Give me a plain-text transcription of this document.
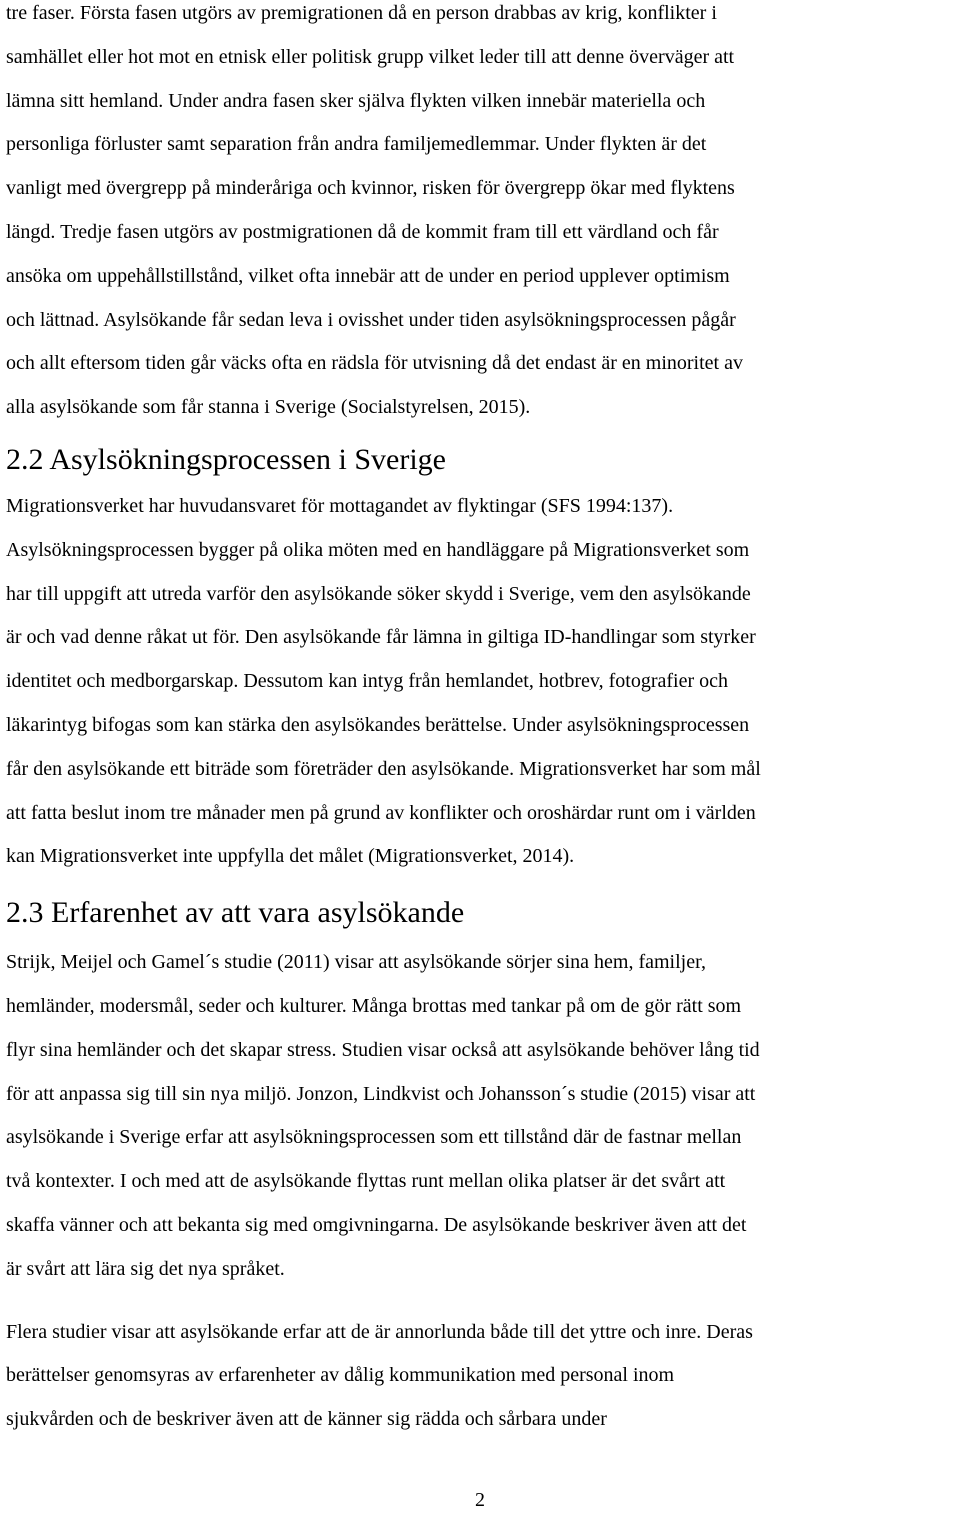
tre faser. Första fasen utgörs av premigrationen då en person drabbas av krig, konflikter i
samhället eller hot mot en etnisk eller politisk grupp vilket leder till att denne överväger att
lämna sitt hemland. Under andra fasen sker själva flykten vilken innebär materiella och
personliga förluster samt separation från andra familjemedlemmar. Under flykten är det
vanligt med övergrepp på minderåriga och kvinnor, risken för övergrepp ökar med flyktens
längd. Tredje fasen utgörs av postmigrationen då de kommit fram till ett värdland och får
ansöka om uppehållstillstånd, vilket ofta innebär att de under en period upplever optimism
och lättnad. Asylsökande får sedan leva i ovisshet under tiden asylsökningsprocessen pågår
och allt eftersom tiden går väcks ofta en rädsla för utvisning då det endast är en minoritet av
alla asylsökande som får stanna i Sverige (Socialstyrelsen, 2015).

2.2 Asylsökningsprocessen i Sverige

Migrationsverket har huvudansvaret för mottagandet av flyktingar (SFS 1994:137).
Asylsökningsprocessen bygger på olika möten med en handläggare på Migrationsverket som
har till uppgift att utreda varför den asylsökande söker skydd i Sverige, vem den asylsökande
är och vad denne råkat ut för. Den asylsökande får lämna in giltiga ID-handlingar som styrker
identitet och medborgarskap. Dessutom kan intyg från hemlandet, hotbrev, fotografier och
läkarintyg bifogas som kan stärka den asylsökandes berättelse. Under asylsökningsprocessen
får den asylsökande ett biträde som företräder den asylsökande. Migrationsverket har som mål
att fatta beslut inom tre månader men på grund av konflikter och oroshärdar runt om i världen
kan Migrationsverket inte uppfylla det målet (Migrationsverket, 2014).

2.3 Erfarenhet av att vara asylsökande

Strijk, Meijel och Gamel´s studie (2011) visar att asylsökande sörjer sina hem, familjer,
hemländer, modersmål, seder och kulturer. Många brottas med tankar på om de gör rätt som
flyr sina hemländer och det skapar stress. Studien visar också att asylsökande behöver lång tid
för att anpassa sig till sin nya miljö. Jonzon, Lindkvist och Johansson´s studie (2015) visar att
asylsökande i Sverige erfar att asylsökningsprocessen som ett tillstånd där de fastnar mellan
två kontexter. I och med att de asylsökande flyttas runt mellan olika platser är det svårt att
skaffa vänner och att bekanta sig med omgivningarna. De asylsökande beskriver även att det
är svårt att lära sig det nya språket.

Flera studier visar att asylsökande erfar att de är annorlunda både till det yttre och inre. Deras
berättelser genomsyras av erfarenheter av dålig kommunikation med personal inom
sjukvården och de beskriver även att de känner sig rädda och sårbara under

2
